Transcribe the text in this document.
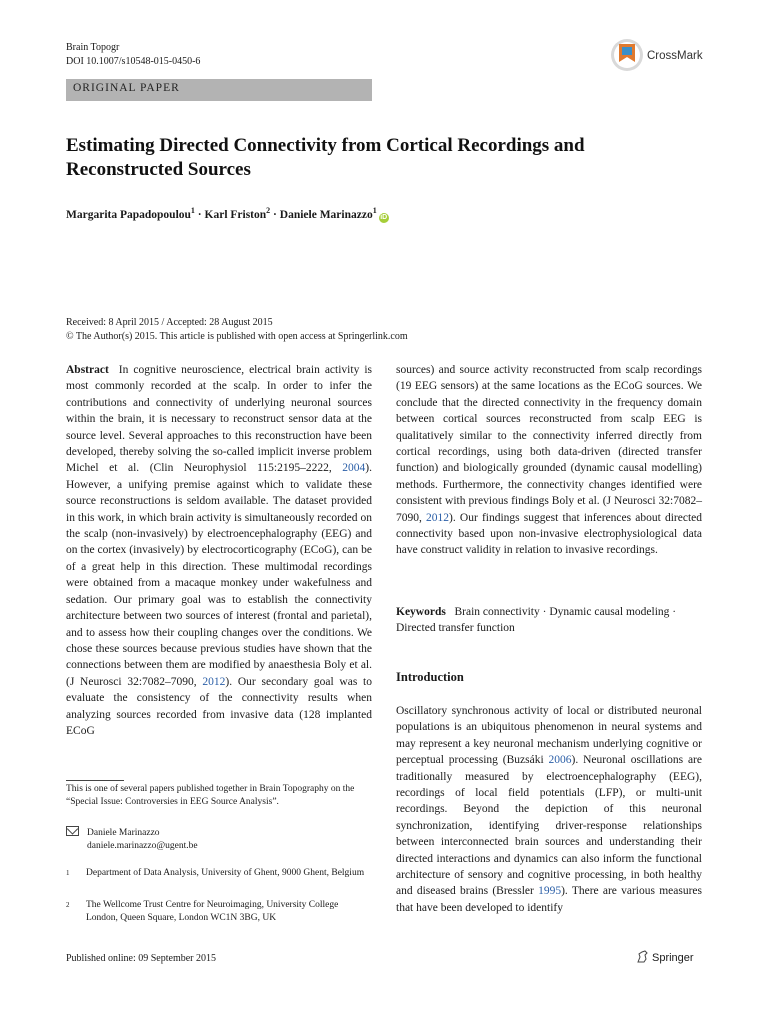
Brain Topogr
DOI 10.1007/s10548-015-0450-6	CrossMark
ORIGINAL PAPER
Estimating Directed Connectivity from Cortical Recordings and Reconstructed Sources
Margarita Papadopoulou$^1$ · Karl Friston$^2$ · Daniele Marinazzo$^1$iD
Received: 8 April 2015 / Accepted: 28 August 2015
© The Author(s) 2015. This article is published with open access at Springerlink.com
Abstract In cognitive neuroscience, electrical brain activity is most commonly recorded at the scalp. In order to infer the contributions and connectivity of underlying neuronal sources within the brain, it is necessary to reconstruct sensor data at the source level. Several approaches to this reconstruction have been developed, thereby solving the so-called implicit inverse problem Michel et al. (Clin Neurophysiol 115:2195–2222, 2004). However, a unifying premise against which to validate these source reconstructions is seldom available. The dataset provided in this work, in which brain activity is simultaneously recorded on the scalp (non-invasively) by electroencephalography (EEG) and on the cortex (invasively) by electrocorticography (ECoG), can be of a great help in this direction. These multimodal recordings were obtained from a macaque monkey under wakefulness and sedation. Our primary goal was to establish the connectivity architecture between two sources of interest (frontal and parietal), and to assess how their coupling changes over the conditions. We chose these sources because previous studies have shown that the connections between them are modified by anaesthesia Boly et al. (J Neurosci 32:7082–7090, 2012). Our secondary goal was to evaluate the consistency of the connectivity results when analyzing sources recorded from invasive data (128 implanted ECoG
This is one of several papers published together in Brain Topography on the “Special Issue: Controversies in EEG Source Analysis”.
Daniele Marinazzo
daniele.marinazzo@ugent.be
1 Department of Data Analysis, University of Ghent, 9000 Ghent, Belgium
2 The Wellcome Trust Centre for Neuroimaging, University College London, Queen Square, London WC1N 3BG, UK
sources) and source activity reconstructed from scalp recordings (19 EEG sensors) at the same locations as the ECoG sources. We conclude that the directed connectivity in the frequency domain between cortical sources reconstructed from scalp EEG is qualitatively similar to the connectivity inferred directly from cortical recordings, using both data-driven (directed transfer function) and biologically grounded (dynamic causal modelling) methods. Furthermore, the connectivity changes identified were consistent with previous findings Boly et al. (J Neurosci 32:7082–7090, 2012). Our findings suggest that inferences about directed connectivity based upon non-invasive electrophysiological data have construct validity in relation to invasive recordings.
Keywords Brain connectivity · Dynamic causal modeling · Directed transfer function
Introduction
Oscillatory synchronous activity of local or distributed neuronal populations is an ubiquitous phenomenon in neural systems and may represent a key neuronal mechanism underlying cognitive or perceptual processing (Buzsáki 2006). Neuronal oscillations are traditionally measured by electroencephalography (EEG), recordings of local field potentials (LFP), or multi-unit recordings. Beyond the depiction of this neuronal synchronization, identifying driver-response relationships between interconnected brain sources and understanding their directed interactions and dynamics can also inform the functional architecture of sensory and cognitive processing, in both healthy and diseased brains (Bressler 1995). There are various measures that have been developed to identify
Published online: 09 September 2015	Springer
